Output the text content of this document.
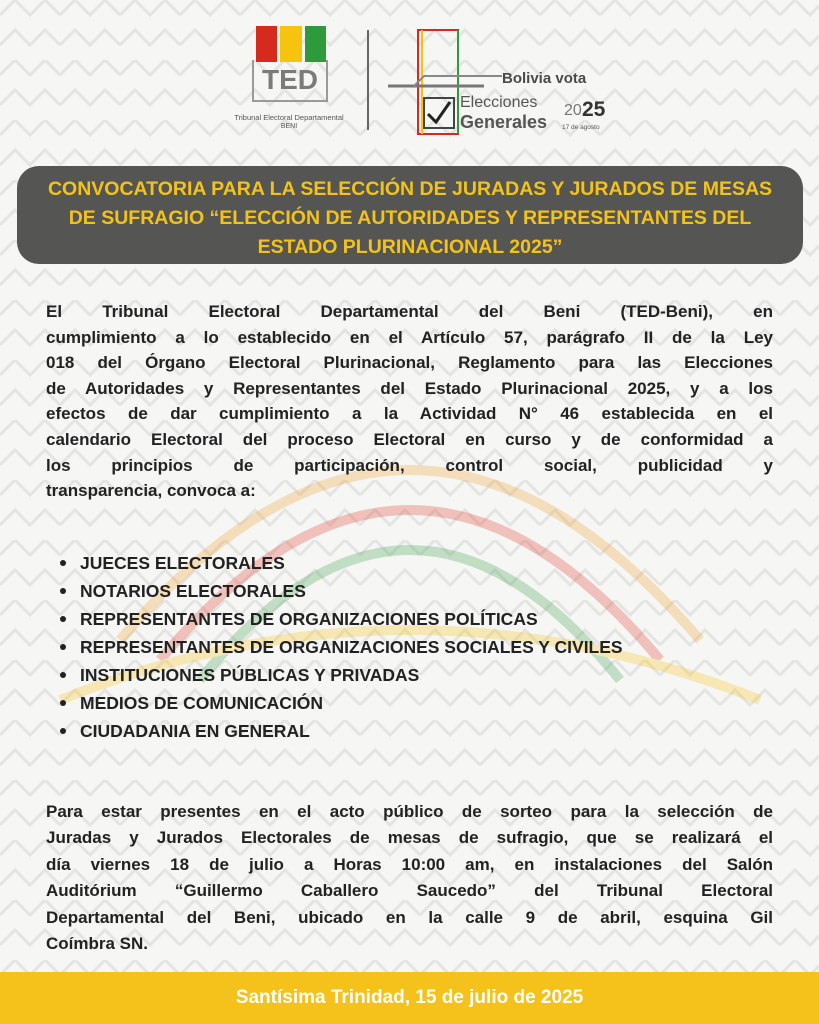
TED
Tribunal Electoral Departamental
BENI
Bolivia vota
Elecciones
Generales
20 25
17 de agosto
CONVOCATORIA PARA LA SELECCIÓN DE JURADAS Y JURADOS DE MESAS
DE SUFRAGIO “ELECCIÓN DE AUTORIDADES Y REPRESENTANTES DEL
ESTADO PLURINACIONAL 2025”
El Tribunal Electoral Departamental del Beni (TED-Beni), en
cumplimiento a lo establecido en el Artículo 57, parágrafo II de la Ley
018 del Órgano Electoral Plurinacional, Reglamento para las Elecciones
de Autoridades y Representantes del Estado Plurinacional 2025, y a los
efectos de dar cumplimiento a la Actividad N° 46 establecida en el
calendario Electoral del proceso Electoral en curso y de conformidad a
los principios de participación, control social, publicidad y
transparencia, convoca a:
JUECES ELECTORALES
NOTARIOS ELECTORALES
REPRESENTANTES DE ORGANIZACIONES POLÍTICAS
REPRESENTANTES DE ORGANIZACIONES SOCIALES Y CIVILES
INSTITUCIONES PÚBLICAS Y PRIVADAS
MEDIOS DE COMUNICACIÓN
CIUDADANIA EN GENERAL
Para estar presentes en el acto público de sorteo para la selección de
Juradas y Jurados Electorales de mesas de sufragio, que se realizará el
día viernes 18 de julio a Horas 10:00 am, en instalaciones del Salón
Auditórium “Guillermo Caballero Saucedo” del Tribunal Electoral
Departamental del Beni, ubicado en la calle 9 de abril, esquina Gil
Coímbra SN.
Santísima Trinidad, 15 de julio de 2025
